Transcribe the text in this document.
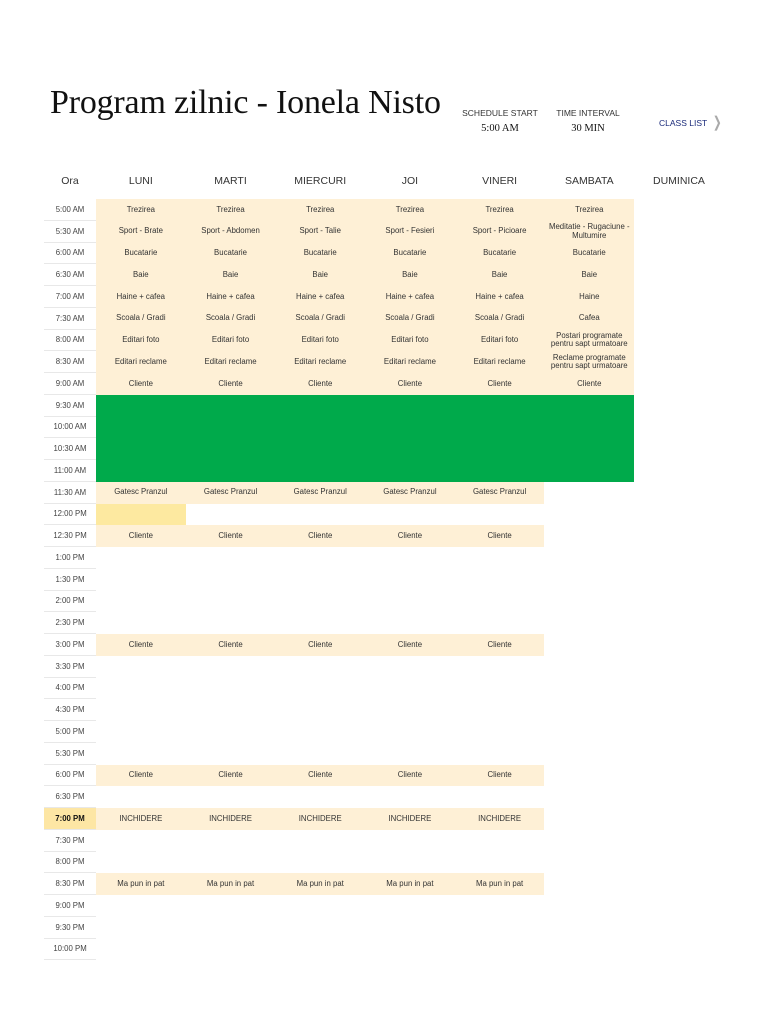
Program zilnic - Ionela Nisto	SCHEDULE START
5:00 AM
TIME INTERVAL
30 MIN	CLASS LIST ❯
Ora	LUNI	MARTI	MIERCURI	JOI	VINERI	SAMBATA	DUMINICA
5:00 AM	Trezirea	Trezirea	Trezirea	Trezirea	Trezirea	Trezirea
5:30 AM	Sport - Brate	Sport - Abdomen	Sport - Talie	Sport - Fesieri	Sport - Picioare	Meditatie - Rugaciune - Multumire
6:00 AM	Bucatarie	Bucatarie	Bucatarie	Bucatarie	Bucatarie	Bucatarie
6:30 AM	Baie	Baie	Baie	Baie	Baie	Baie
7:00 AM	Haine + cafea	Haine + cafea	Haine + cafea	Haine + cafea	Haine + cafea	Haine
7:30 AM	Scoala / Gradi	Scoala / Gradi	Scoala / Gradi	Scoala / Gradi	Scoala / Gradi	Cafea
8:00 AM	Editari foto	Editari foto	Editari foto	Editari foto	Editari foto	Postari programate pentru sapt urmatoare
8:30 AM	Editari reclame	Editari reclame	Editari reclame	Editari reclame	Editari reclame	Reclame programate pentru sapt urmatoare
9:00 AM	Cliente	Cliente	Cliente	Cliente	Cliente	Cliente
9:30 AM
10:00 AM
10:30 AM
11:00 AM
11:30 AM	Gatesc Pranzul	Gatesc Pranzul	Gatesc Pranzul	Gatesc Pranzul	Gatesc Pranzul
12:00 PM
12:30 PM	Cliente	Cliente	Cliente	Cliente	Cliente
1:00 PM
1:30 PM
2:00 PM
2:30 PM
3:00 PM	Cliente	Cliente	Cliente	Cliente	Cliente
3:30 PM
4:00 PM
4:30 PM
5:00 PM
5:30 PM
6:00 PM	Cliente	Cliente	Cliente	Cliente	Cliente
6:30 PM
7:00 PM	INCHIDERE	INCHIDERE	INCHIDERE	INCHIDERE	INCHIDERE
7:30 PM
8:00 PM
8:30 PM	Ma pun in pat	Ma pun in pat	Ma pun in pat	Ma pun in pat	Ma pun in pat
9:00 PM
9:30 PM
10:00 PM
